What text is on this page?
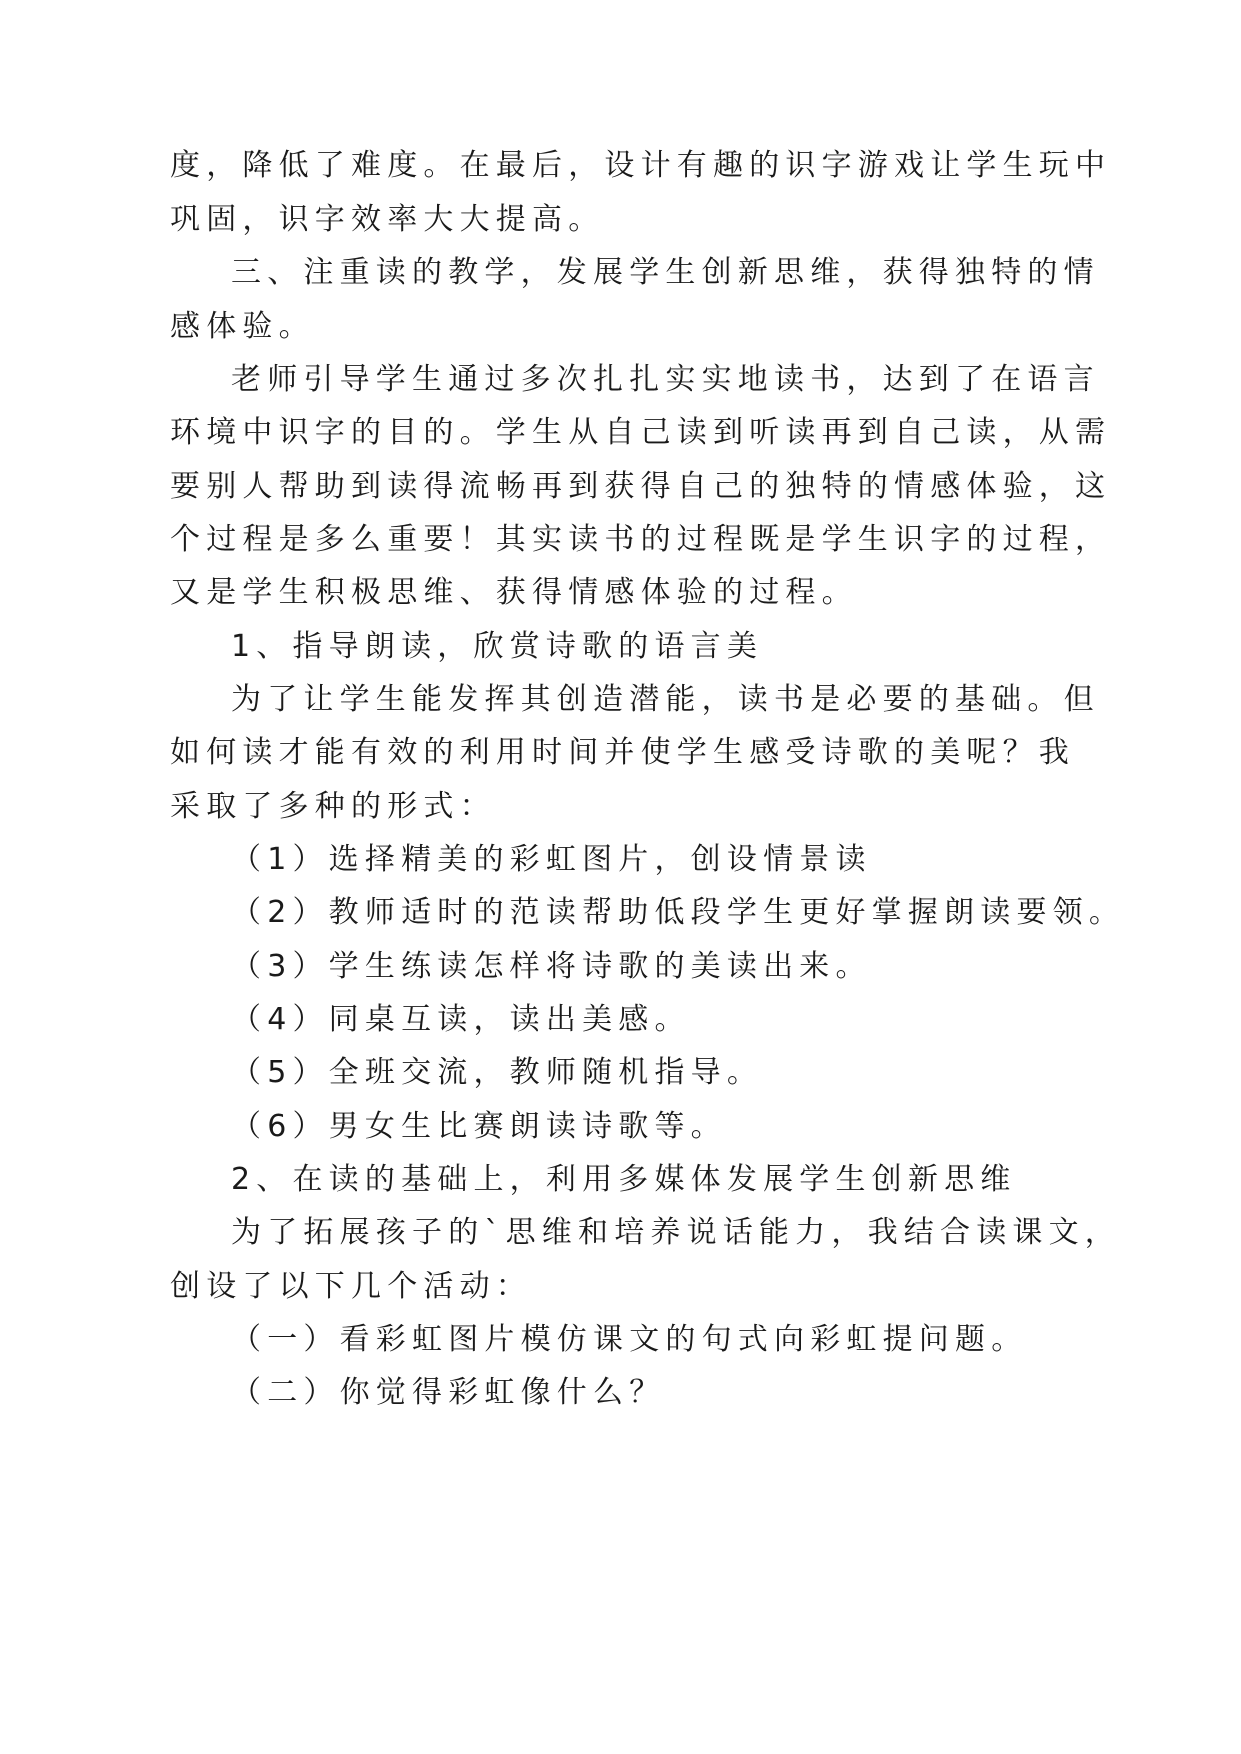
度，降低了难度。在最后，设计有趣的识字游戏让学生玩中
巩固，识字效率大大提高。
三、注重读的教学，发展学生创新思维，获得独特的情
感体验。
老师引导学生通过多次扎扎实实地读书，达到了在语言
环境中识字的目的。学生从自己读到听读再到自己读，从需
要别人帮助到读得流畅再到获得自己的独特的情感体验，这
个过程是多么重要！其实读书的过程既是学生识字的过程，
又是学生积极思维、获得情感体验的过程。
1、指导朗读，欣赏诗歌的语言美
为了让学生能发挥其创造潜能，读书是必要的基础。但
如何读才能有效的利用时间并使学生感受诗歌的美呢？我
采取了多种的形式：
（1）选择精美的彩虹图片，创设情景读
（2）教师适时的范读帮助低段学生更好掌握朗读要领。
（3）学生练读怎样将诗歌的美读出来。
（4）同桌互读，读出美感。
（5）全班交流，教师随机指导。
（6）男女生比赛朗读诗歌等。
2、在读的基础上，利用多媒体发展学生创新思维
为了拓展孩子的`思维和培养说话能力，我结合读课文，
创设了以下几个活动：
（一）看彩虹图片模仿课文的句式向彩虹提问题。
（二）你觉得彩虹像什么？
